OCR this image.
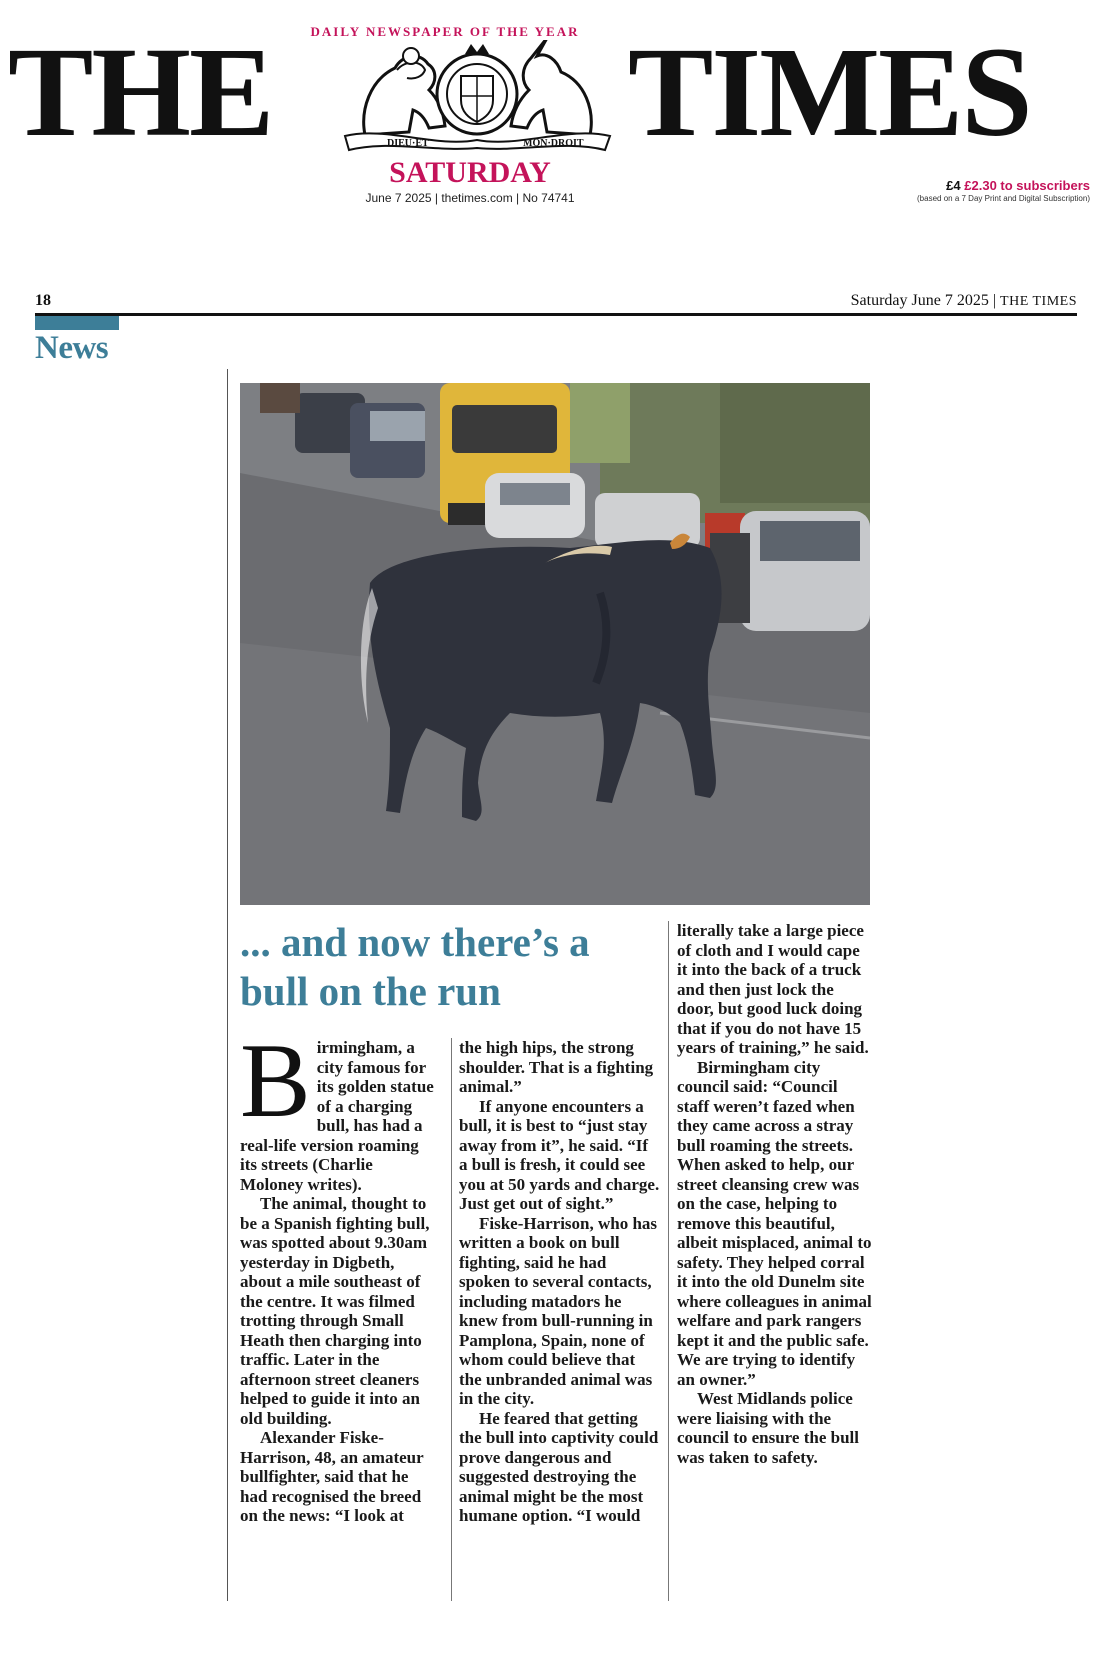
DAILY NEWSPAPER OF THE YEAR
THE	TIMES
DIEU·ET	MON·DROIT
SATURDAY
June 7 2025 | thetimes.com | No 74741
£4 £2.30 to subscribers
(based on a 7 Day Print and Digital Subscription)
18	Saturday June 7 2025 | THE TIMES
News
... and now there’s a bull on the run

Birmingham, a city famous for its golden statue of a charging bull, has had a real-life version roaming its streets (Charlie Moloney writes).

The animal, thought to be a Spanish fighting bull, was spotted about 9.30am yesterday in Digbeth, about a mile southeast of the centre. It was filmed trotting through Small Heath then charging into traffic. Later in the afternoon street cleaners helped to guide it into an old building.

Alexander Fiske-Harrison, 48, an amateur bullfighter, said that he had recognised the breed on the news: “I look at

the high hips, the strong shoulder. That is a fighting animal.”

If anyone encounters a bull, it is best to “just stay away from it”, he said. “If a bull is fresh, it could see you at 50 yards and charge. Just get out of sight.”

Fiske-Harrison, who has written a book on bull fighting, said he had spoken to several contacts, including matadors he knew from bull-running in Pamplona, Spain, none of whom could believe that the unbranded animal was in the city.

He feared that getting the bull into captivity could prove dangerous and suggested destroying the animal might be the most humane option. “I would

literally take a large piece of cloth and I would cape it into the back of a truck and then just lock the door, but good luck doing that if you do not have 15 years of training,” he said.

Birmingham city council said: “Council staff weren’t fazed when they came across a stray bull roaming the streets. When asked to help, our street cleansing crew was on the case, helping to remove this beautiful, albeit misplaced, animal to safety. They helped corral it into the old Dunelm site where colleagues in animal welfare and park rangers kept it and the public safe. We are trying to identify an owner.”

West Midlands police were liaising with the council to ensure the bull was taken to safety.
